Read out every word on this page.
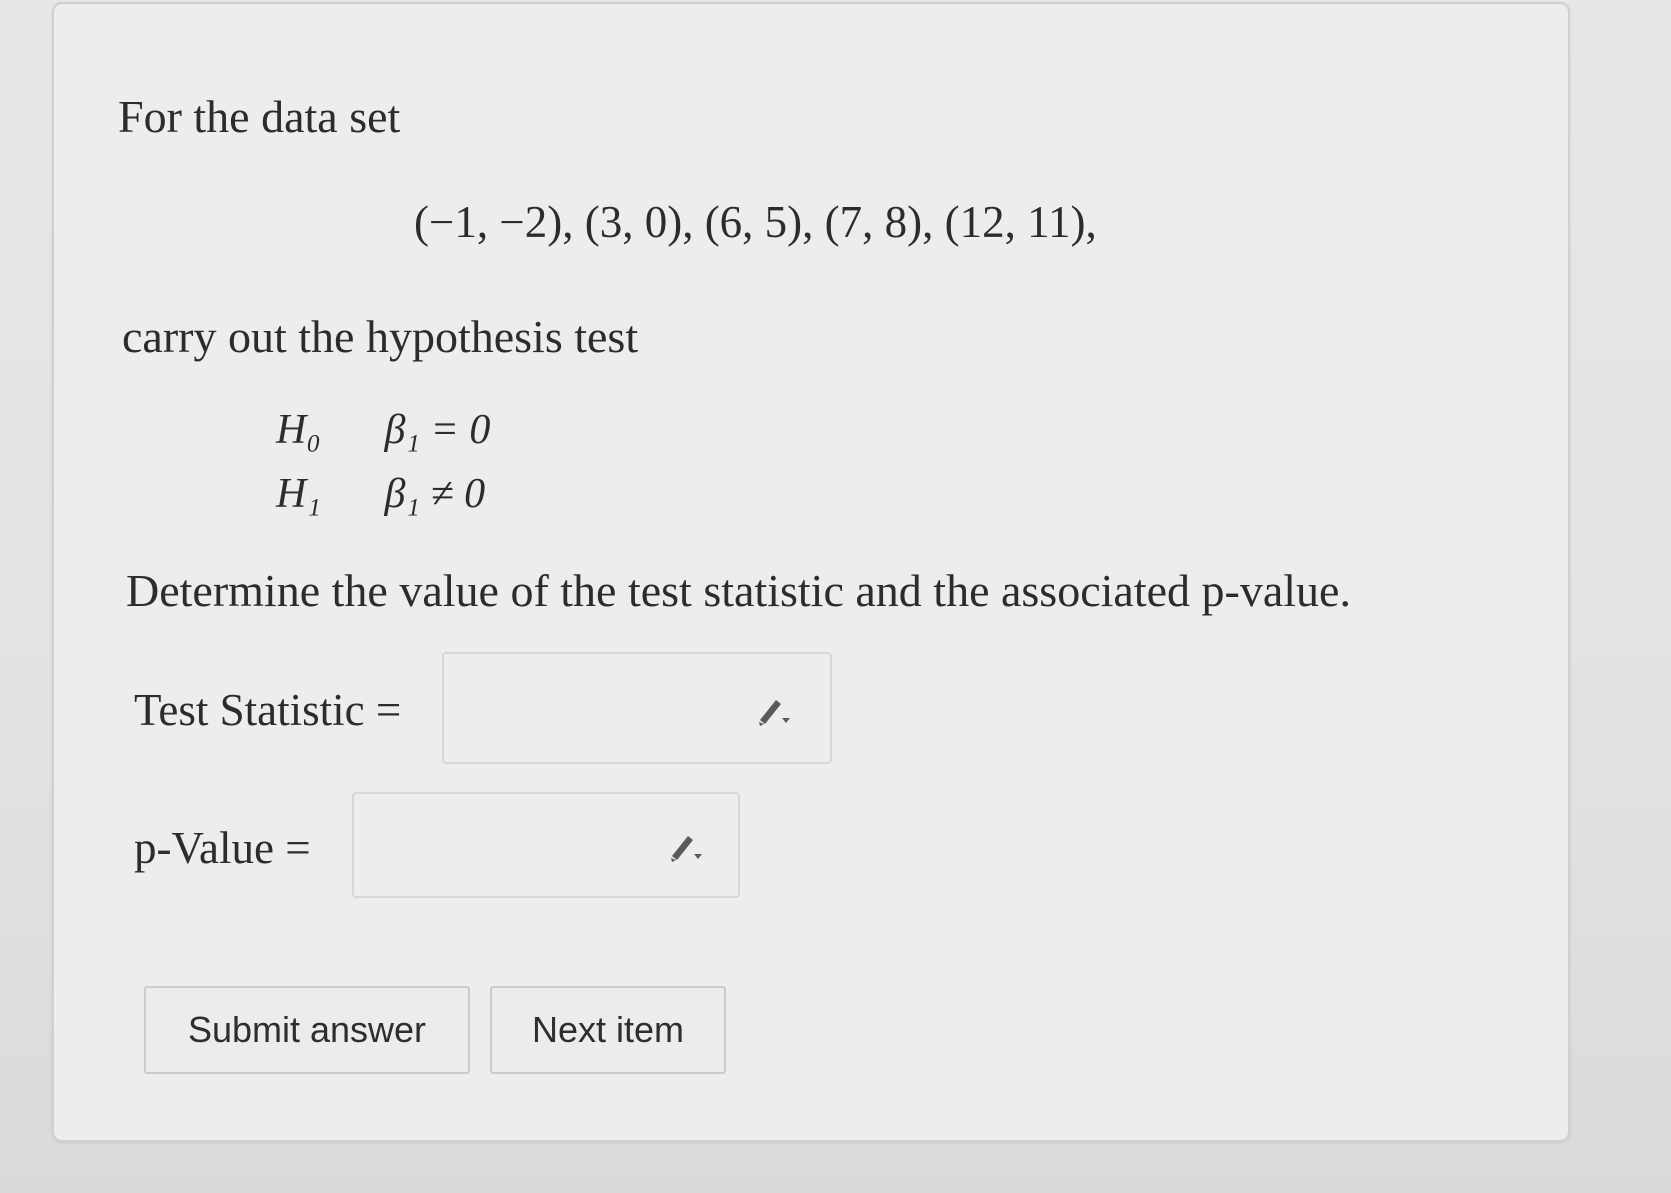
For the data set
(−1, −2), (3, 0), (6, 5), (7, 8), (12, 11),
carry out the hypothesis test
H₀ β₁ = 0
H₁ β₁ ≠ 0
Determine the value of the test statistic and the associated p-value.
Test Statistic =
p-Value =
Submit answer	Next item
